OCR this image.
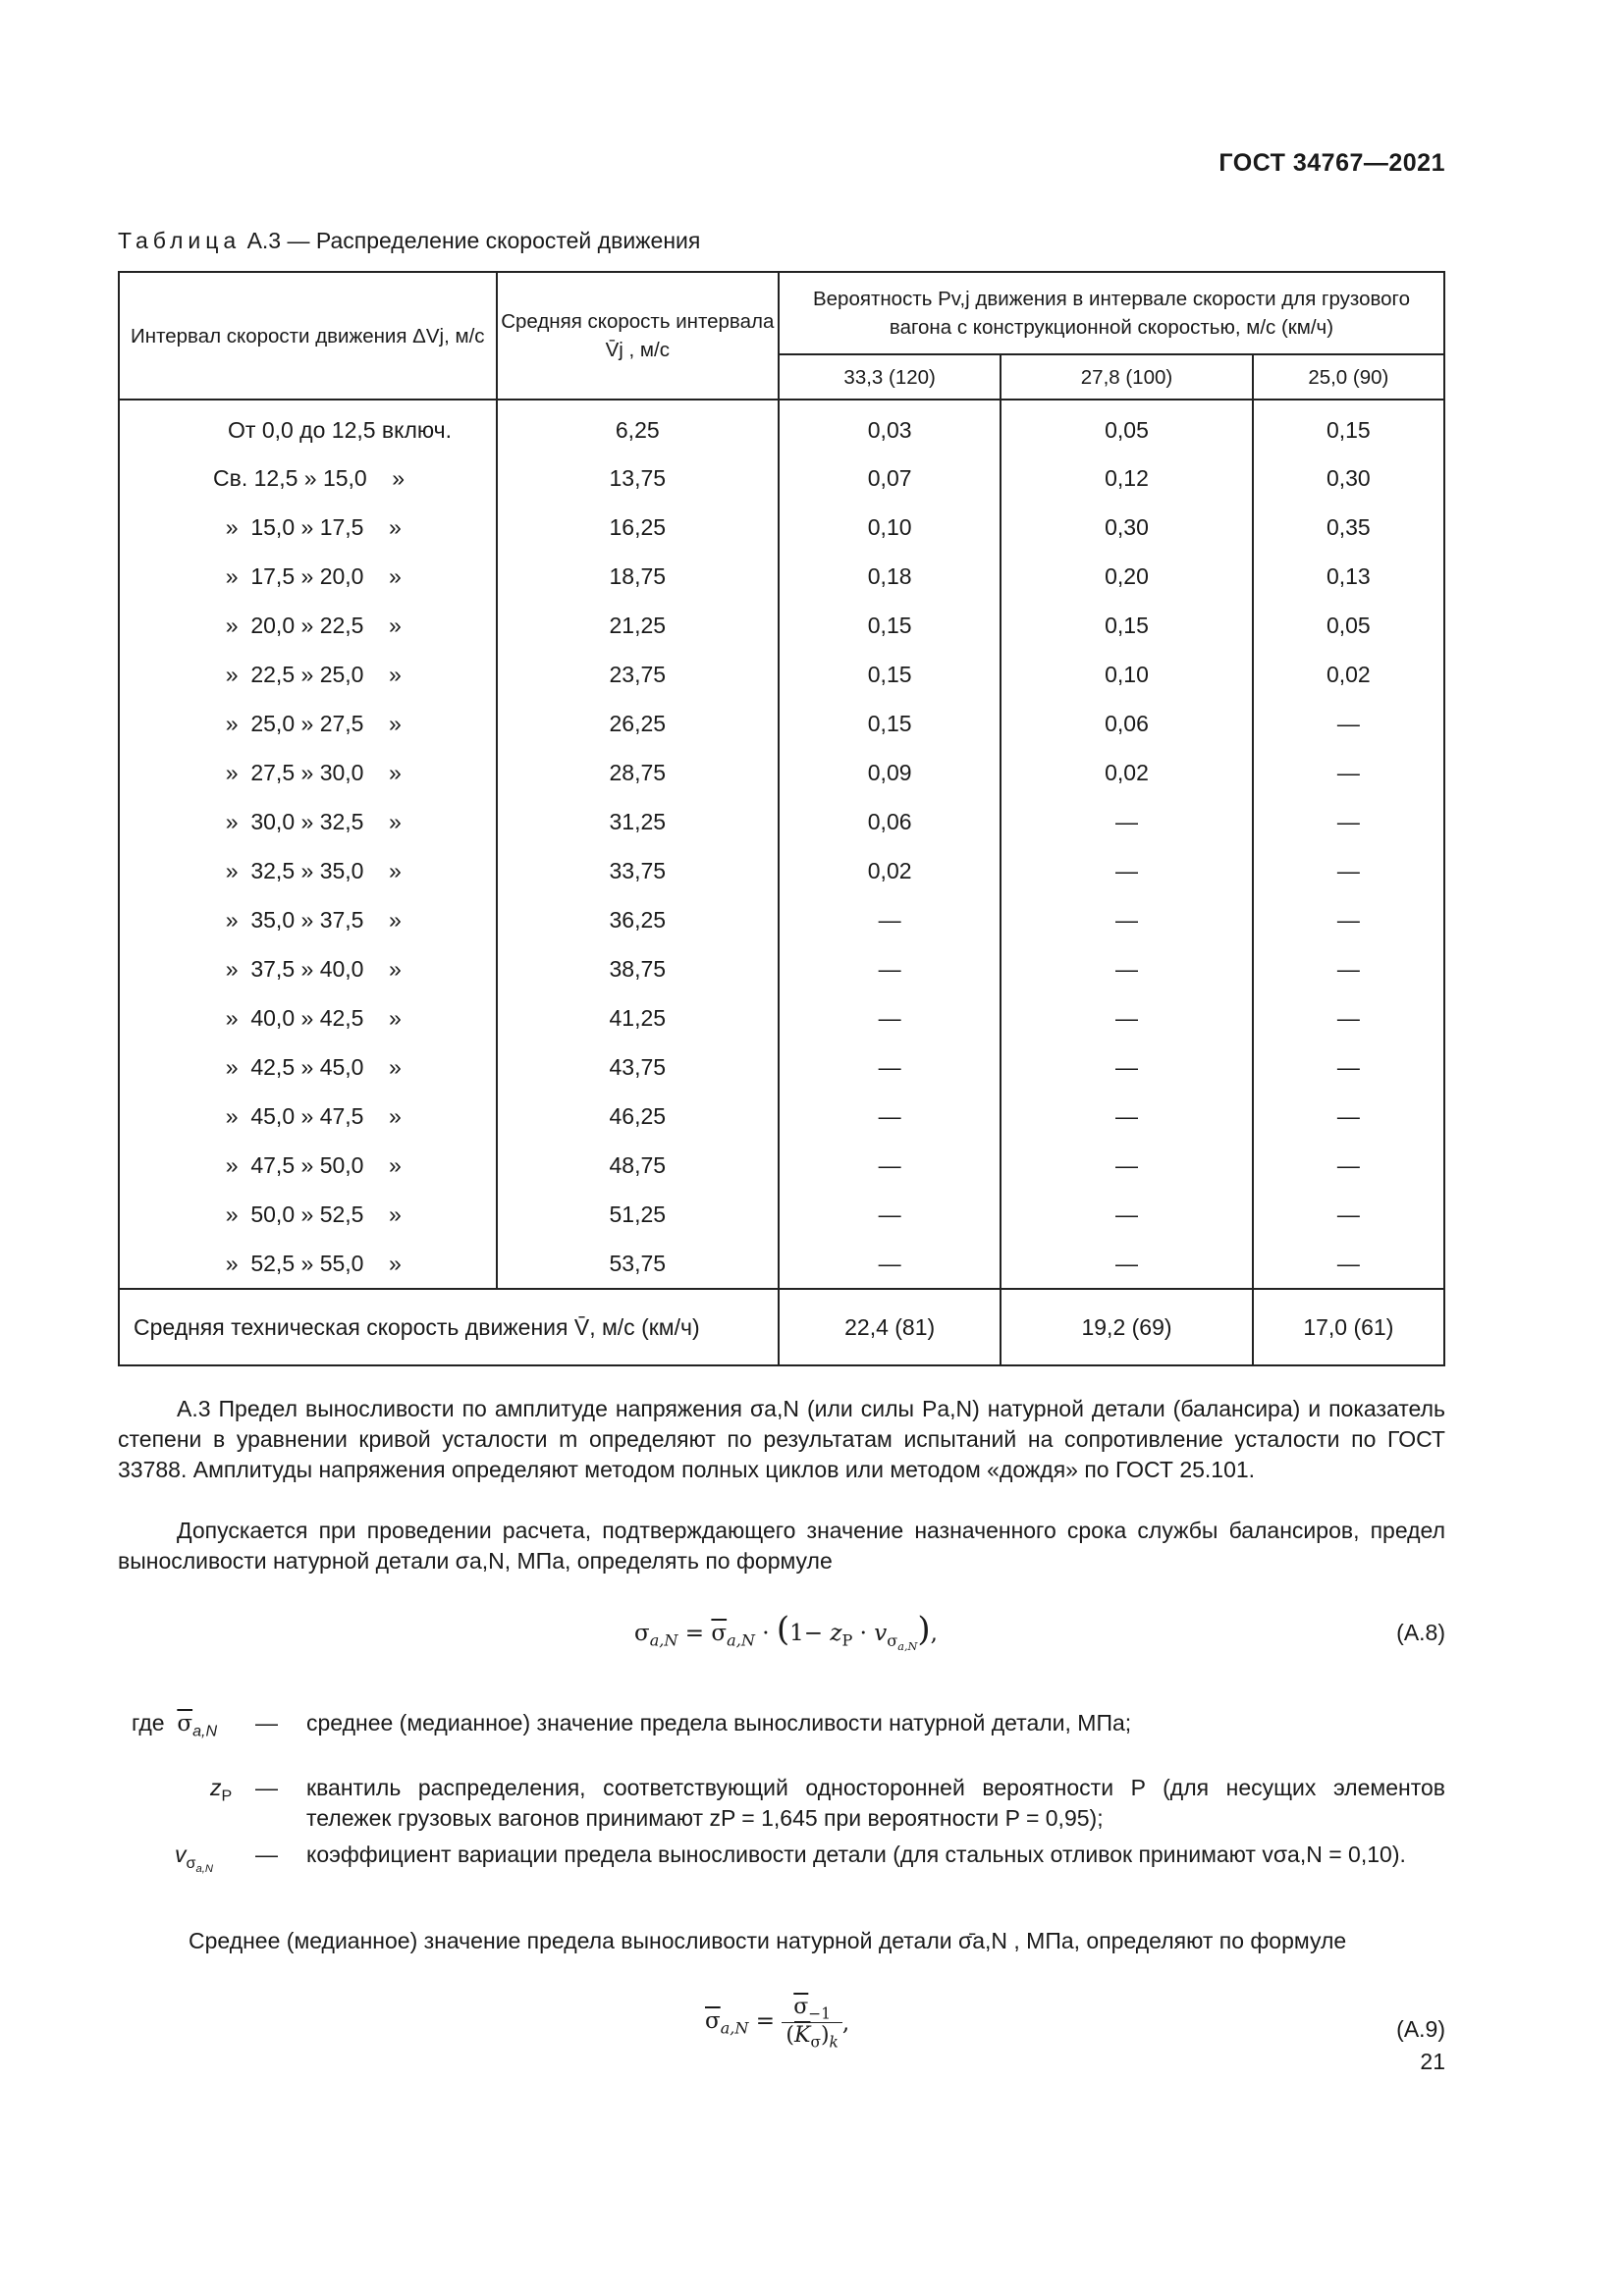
ГОСТ 34767—2021
Таблица А.3 — Распределение скоростей движения
Интервал скорости движения ΔVj, м/с	Средняя скорость интервала V̄j , м/с	Вероятность Pv,j движения в интервале скорости для грузового вагона с конструкционной скоростью, м/с (км/ч)		
		33,3 (120)	27,8 (100)	25,0 (90)
От 0,0 до 12,5 включ.	6,25	0,03	0,05	0,15
Св. 12,5 » 15,0    »	13,75	0,07	0,12	0,30
»  15,0 » 17,5    »	16,25	0,10	0,30	0,35
»  17,5 » 20,0    »	18,75	0,18	0,20	0,13
»  20,0 » 22,5    »	21,25	0,15	0,15	0,05
»  22,5 » 25,0    »	23,75	0,15	0,10	0,02
»  25,0 » 27,5    »	26,25	0,15	0,06	—
»  27,5 » 30,0    »	28,75	0,09	0,02	—
»  30,0 » 32,5    »	31,25	0,06	—	—
»  32,5 » 35,0    »	33,75	0,02	—	—
»  35,0 » 37,5    »	36,25	—	—	—
»  37,5 » 40,0    »	38,75	—	—	—
»  40,0 » 42,5    »	41,25	—	—	—
»  42,5 » 45,0    »	43,75	—	—	—
»  45,0 » 47,5    »	46,25	—	—	—
»  47,5 » 50,0    »	48,75	—	—	—
»  50,0 » 52,5    »	51,25	—	—	—
»  52,5 » 55,0    »	53,75	—	—	—
Средняя техническая скорость движения V̄, м/с (км/ч)		22,4 (81)	19,2 (69)	17,0 (61)
А.3 Предел выносливости по амплитуде напряжения σa,N (или силы Pa,N) натурной детали (балансира) и показатель степени в уравнении кривой усталости m определяют по результатам испытаний на сопротивление усталости по ГОСТ 33788. Амплитуды напряжения определяют методом полных циклов или методом «дождя» по ГОСТ 25.101.
Допускается при проведении расчета, подтверждающего значение назначенного срока службы балансиров, предел выносливости натурной детали σa,N, МПа, определять по формуле
$\sigma_{a,N} = \overline{\sigma}_{a,N} \cdot (1- z_P \cdot v_{\sigma_{a,N}})$,	(А.8)
где $\overline{\sigma}_{a,N}$ — среднее (медианное) значение предела выносливости натурной детали, МПа;
$z_P$ — квантиль распределения, соответствующий односторонней вероятности P (для несущих элементов тележек грузовых вагонов принимают zP = 1,645 при вероятности P = 0,95);
$v_{\sigma_{a,N}}$
— коэффициент вариации предела выносливости детали (для стальных отливок принимают vσa,N = 0,10).
Среднее (медианное) значение предела выносливости натурной детали σ̄a,N , МПа, определяют по формуле
$\overline{\sigma}_{a,N} = \frac{\overline{\sigma}_{-1}}{(\overline{K}_\sigma)_k}$ ,	(А.9)
21
